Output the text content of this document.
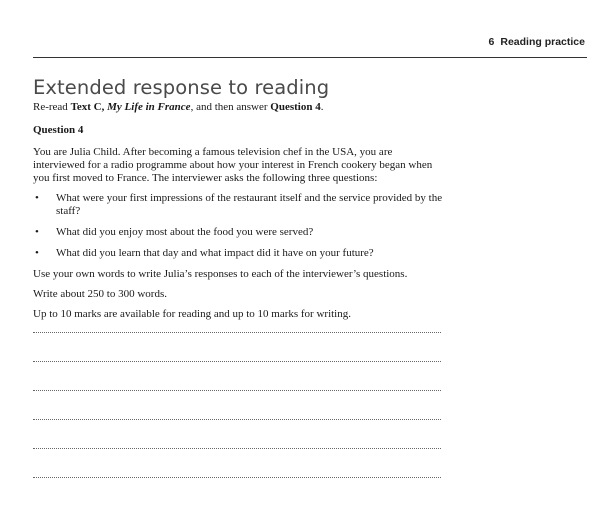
6 Reading practice
Extended response to reading

Re-read Text C, My Life in France, and then answer Question 4.

Question 4

You are Julia Child. After becoming a famous television chef in the USA, you are interviewed for a radio programme about how your interest in French cookery began when you first moved to France. The interviewer asks the following three questions:

• What were your first impressions of the restaurant itself and the service provided by the staff?
• What did you enjoy most about the food you were served?
• What did you learn that day and what impact did it have on your future?

Use your own words to write Julia’s responses to each of the interviewer’s questions.

Write about 250 to 300 words.

Up to 10 marks are available for reading and up to 10 marks for writing.
